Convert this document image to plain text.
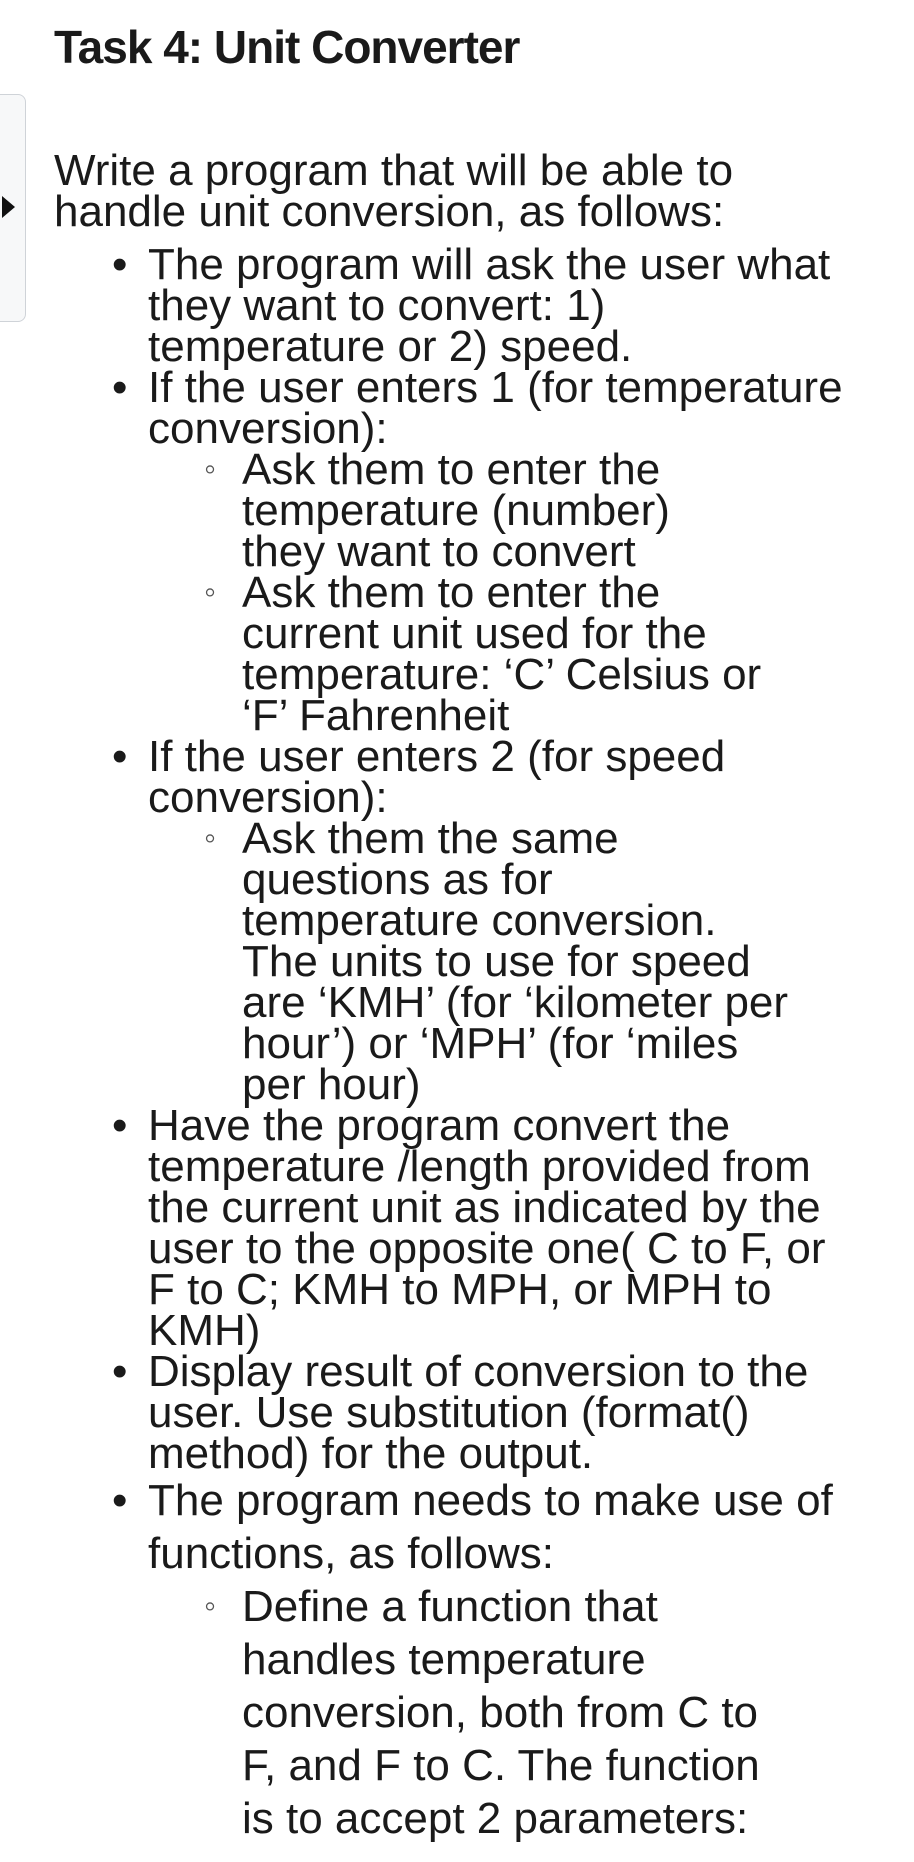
Task 4: Unit Converter

Write a program that will be able to handle unit conversion, as follows:

• The program will ask the user what they want to convert: 1) temperature or 2) speed.
• If the user enters 1 (for temperature conversion):
◦ Ask them to enter the temperature (number) they want to convert
◦ Ask them to enter the current unit used for the temperature: ‘C’ Celsius or ‘F’ Fahrenheit
• If the user enters 2 (for speed conversion):
◦ Ask them the same questions as for temperature conversion. The units to use for speed are ‘KMH’ (for ‘kilometer per hour’) or ‘MPH’ (for ‘miles per hour)
• Have the program convert the temperature /length provided from the current unit as indicated by the user to the opposite one( C to F, or F to C; KMH to MPH, or MPH to KMH)
• Display result of conversion to the user. Use substitution (format() method) for the output.
• The program needs to make use of functions, as follows:
◦ Define a function that handles temperature conversion, both from C to F, and F to C. The function is to accept 2 parameters:
